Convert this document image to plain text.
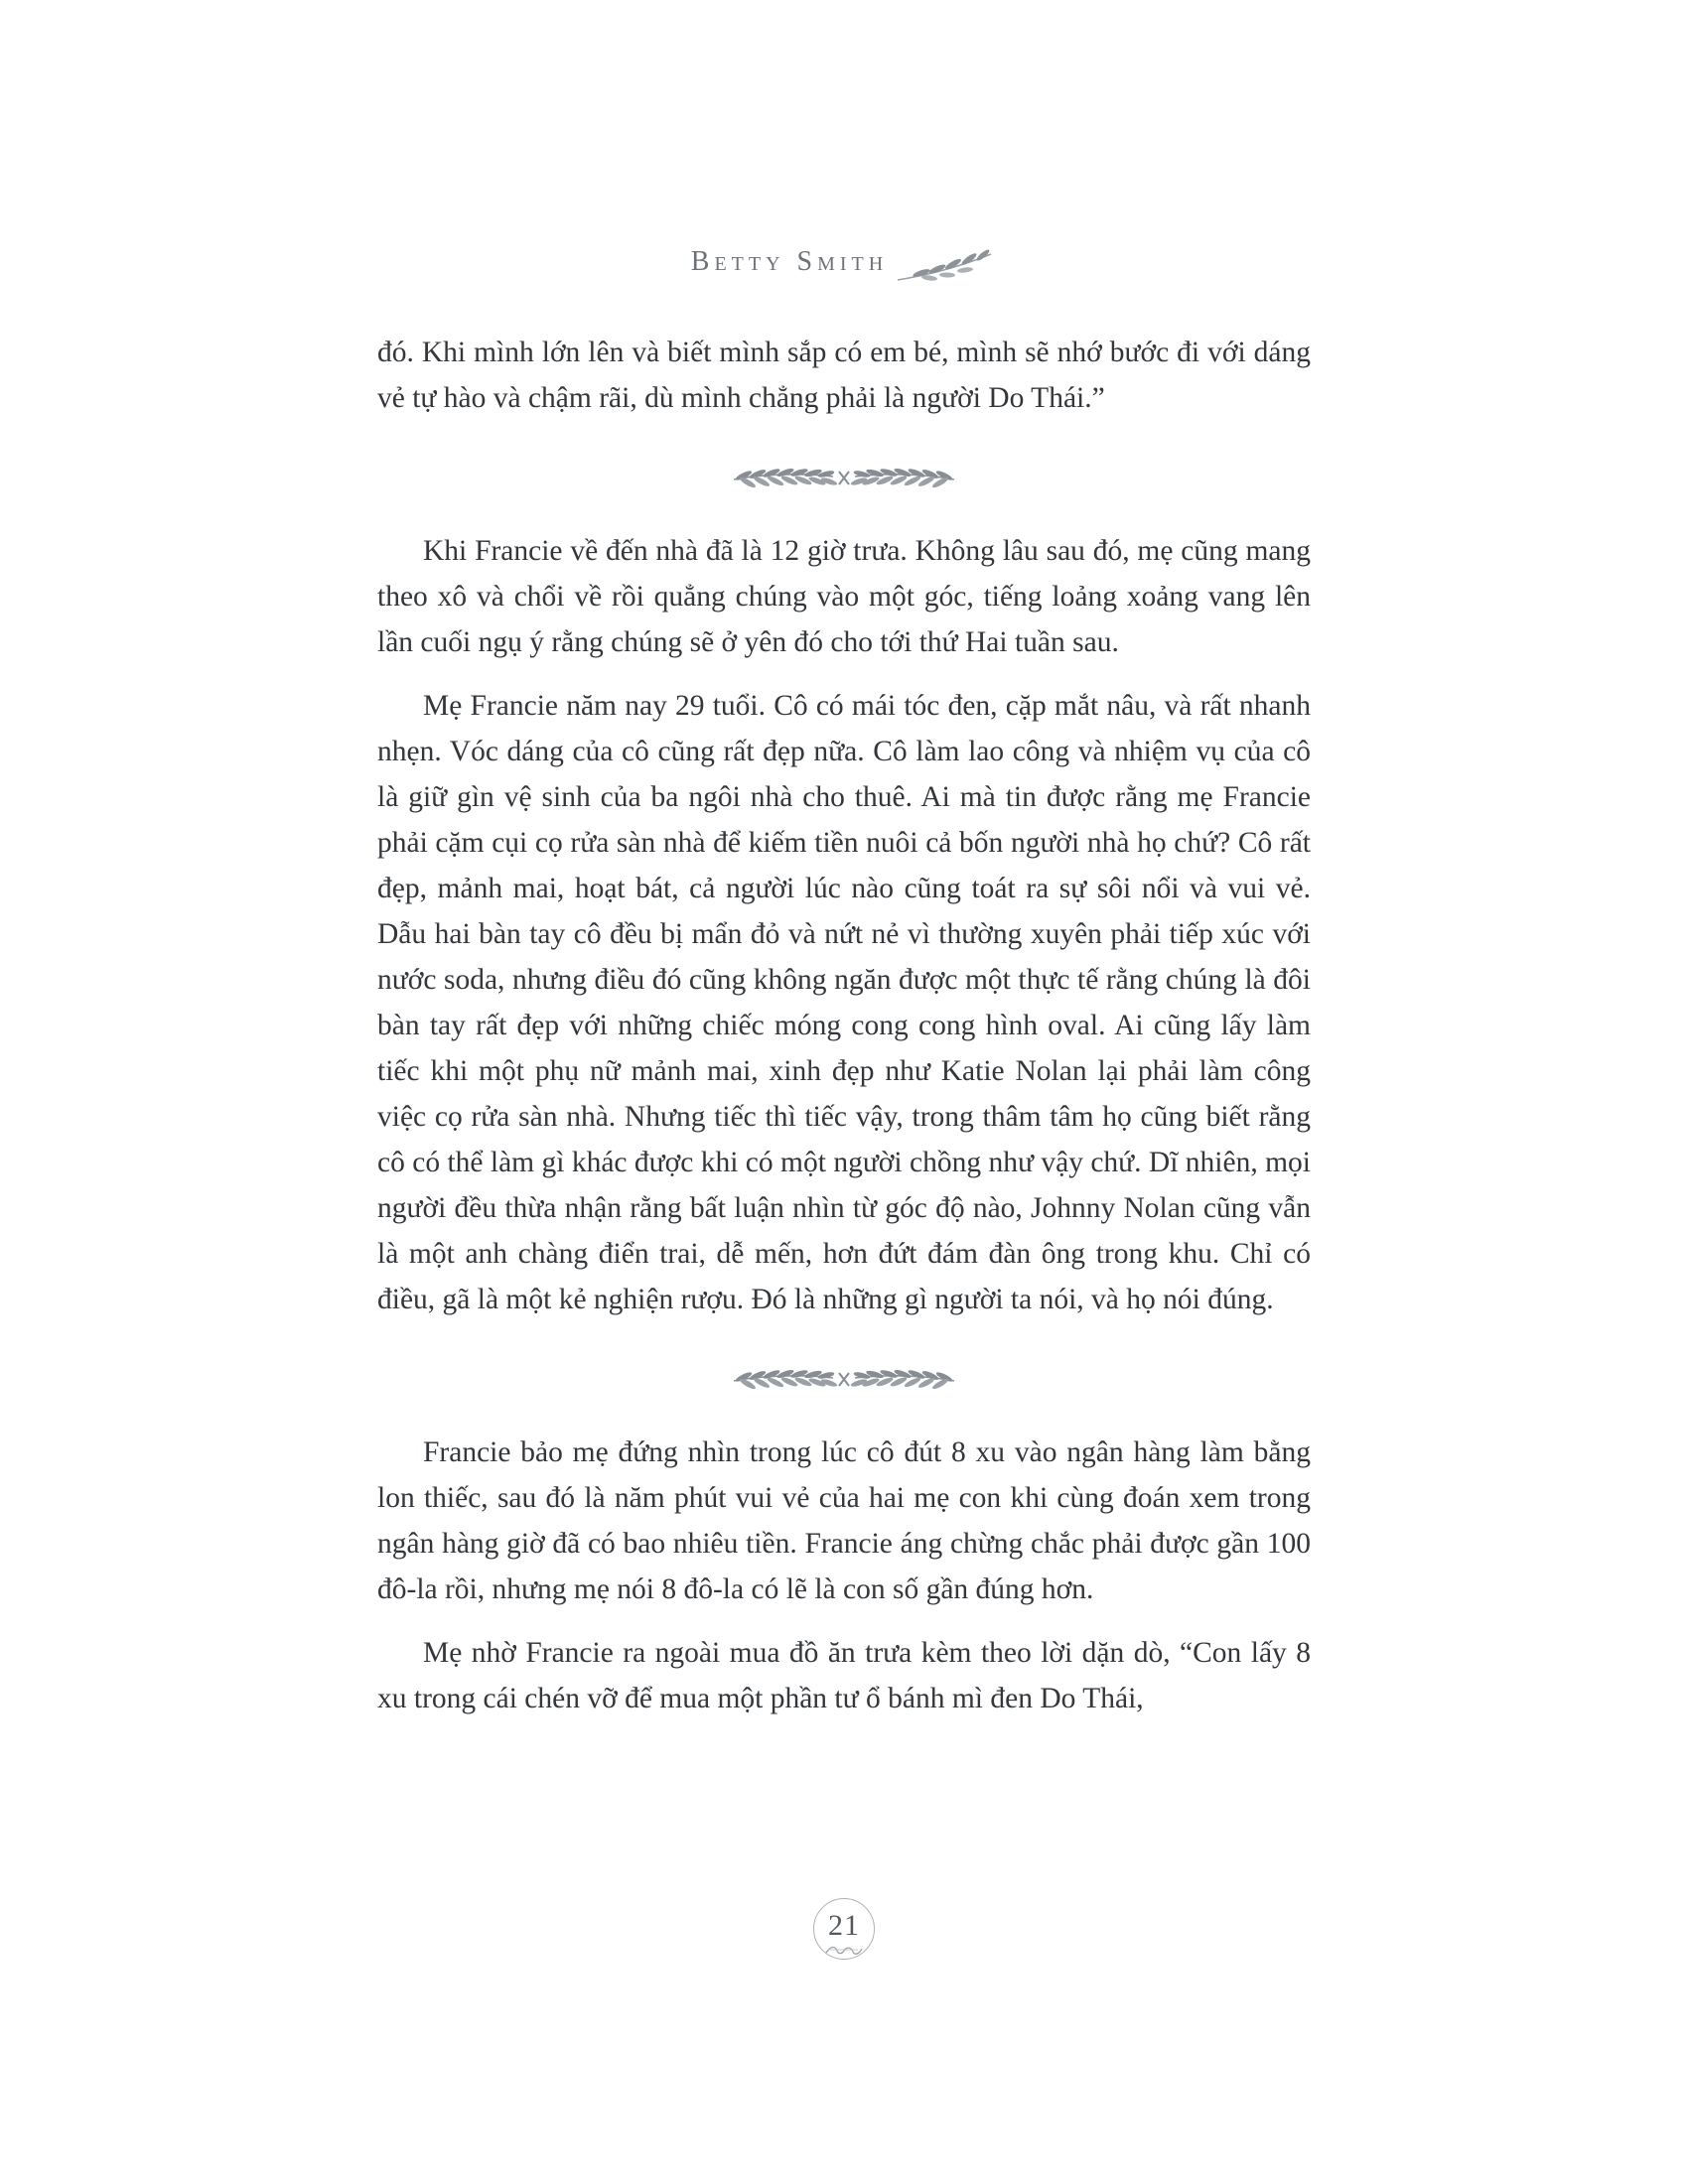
Betty Smith

đó. Khi mình lớn lên và biết mình sắp có em bé, mình sẽ nhớ bước đi với dáng vẻ tự hào và chậm rãi, dù mình chẳng phải là người Do Thái.”

Khi Francie về đến nhà đã là 12 giờ trưa. Không lâu sau đó, mẹ cũng mang theo xô và chổi về rồi quẳng chúng vào một góc, tiếng loảng xoảng vang lên lần cuối ngụ ý rằng chúng sẽ ở yên đó cho tới thứ Hai tuần sau.

Mẹ Francie năm nay 29 tuổi. Cô có mái tóc đen, cặp mắt nâu, và rất nhanh nhẹn. Vóc dáng của cô cũng rất đẹp nữa. Cô làm lao công và nhiệm vụ của cô là giữ gìn vệ sinh của ba ngôi nhà cho thuê. Ai mà tin được rằng mẹ Francie phải cặm cụi cọ rửa sàn nhà để kiếm tiền nuôi cả bốn người nhà họ chứ? Cô rất đẹp, mảnh mai, hoạt bát, cả người lúc nào cũng toát ra sự sôi nổi và vui vẻ. Dẫu hai bàn tay cô đều bị mẩn đỏ và nứt nẻ vì thường xuyên phải tiếp xúc với nước soda, nhưng điều đó cũng không ngăn được một thực tế rằng chúng là đôi bàn tay rất đẹp với những chiếc móng cong cong hình oval. Ai cũng lấy làm tiếc khi một phụ nữ mảnh mai, xinh đẹp như Katie Nolan lại phải làm công việc cọ rửa sàn nhà. Nhưng tiếc thì tiếc vậy, trong thâm tâm họ cũng biết rằng cô có thể làm gì khác được khi có một người chồng như vậy chứ. Dĩ nhiên, mọi người đều thừa nhận rằng bất luận nhìn từ góc độ nào, Johnny Nolan cũng vẫn là một anh chàng điển trai, dễ mến, hơn đứt đám đàn ông trong khu. Chỉ có điều, gã là một kẻ nghiện rượu. Đó là những gì người ta nói, và họ nói đúng.

Francie bảo mẹ đứng nhìn trong lúc cô đút 8 xu vào ngân hàng làm bằng lon thiếc, sau đó là năm phút vui vẻ của hai mẹ con khi cùng đoán xem trong ngân hàng giờ đã có bao nhiêu tiền. Francie áng chừng chắc phải được gần 100 đô-la rồi, nhưng mẹ nói 8 đô-la có lẽ là con số gần đúng hơn.

Mẹ nhờ Francie ra ngoài mua đồ ăn trưa kèm theo lời dặn dò, “Con lấy 8 xu trong cái chén vỡ để mua một phần tư ổ bánh mì đen Do Thái,

21
